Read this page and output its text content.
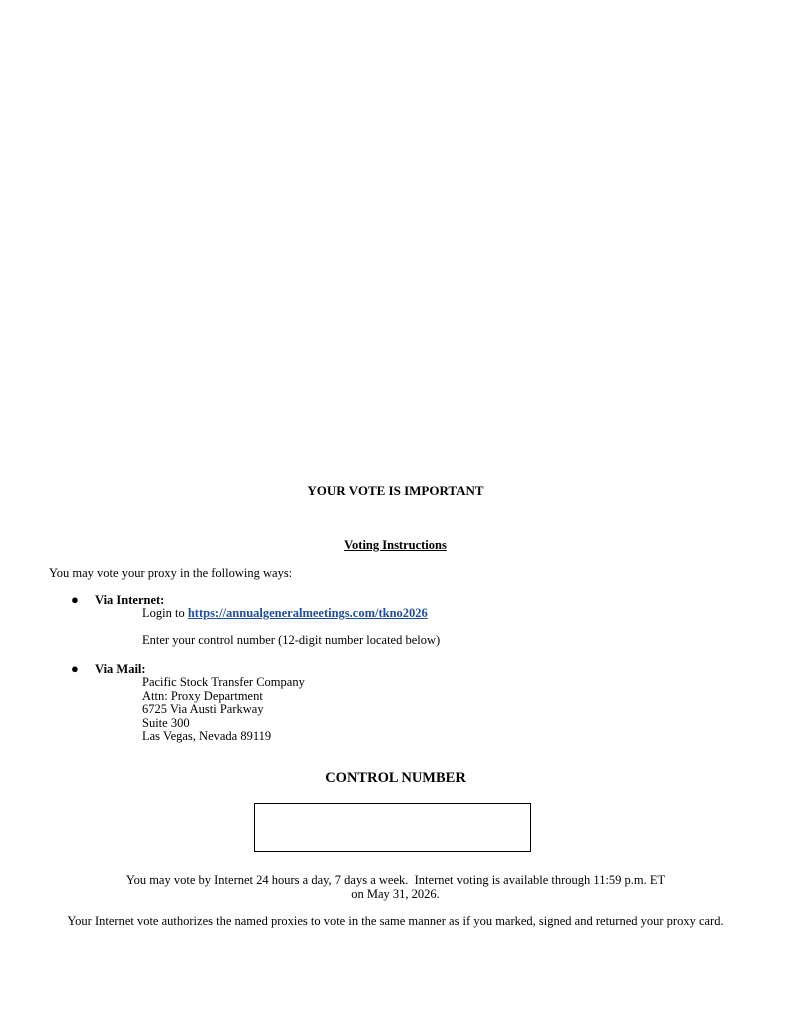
YOUR VOTE IS IMPORTANT
Voting Instructions
You may vote your proxy in the following ways:
● Via Internet:
Login to https://annualgeneralmeetings.com/tkno2026
Enter your control number (12-digit number located below)
● Via Mail:
Pacific Stock Transfer Company
Attn: Proxy Department
6725 Via Austi Parkway
Suite 300
Las Vegas, Nevada 89119
CONTROL NUMBER
You may vote by Internet 24 hours a day, 7 days a week.  Internet voting is available through 11:59 p.m. ET
on May 31, 2026.
Your Internet vote authorizes the named proxies to vote in the same manner as if you marked, signed and returned your proxy card.
